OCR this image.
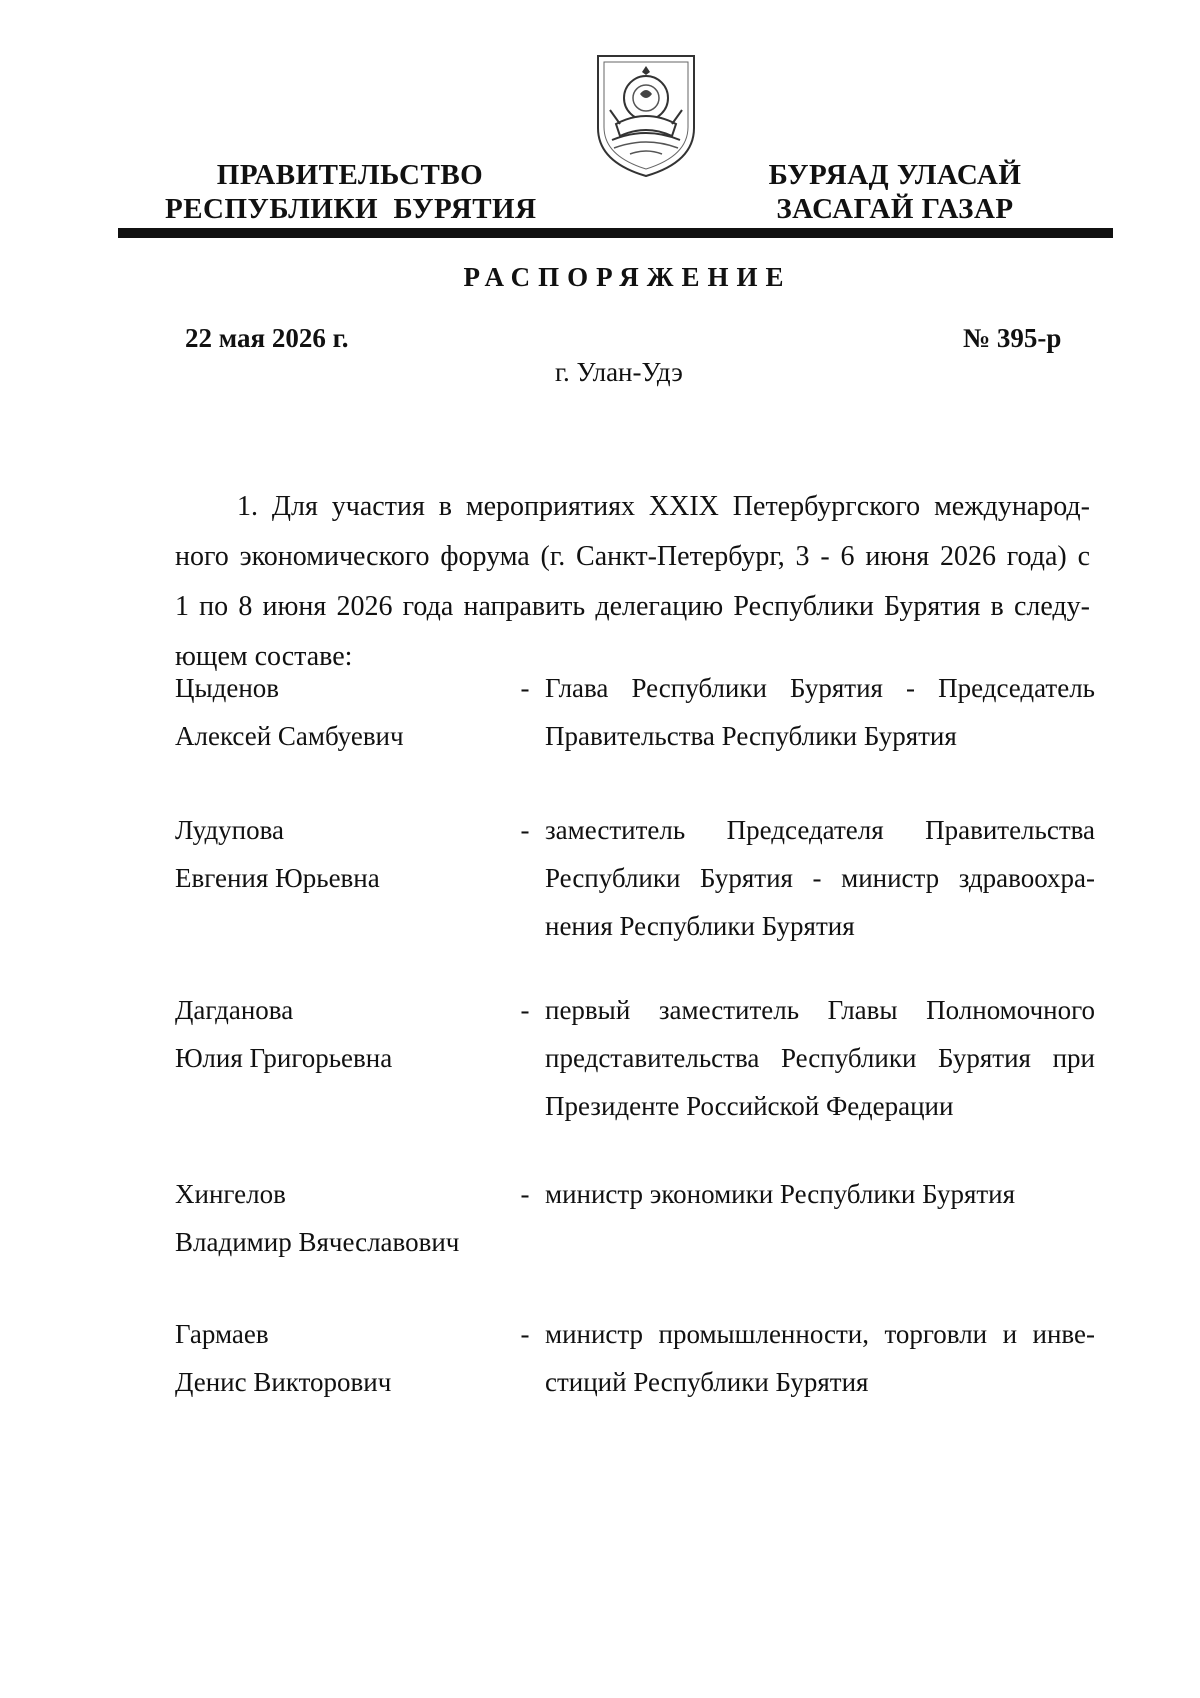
ПРАВИТЕЛЬСТВО
РЕСПУБЛИКИ  БУРЯТИЯ
БУРЯАД УЛАСАЙ
ЗАСАГАЙ ГАЗАР
РАСПОРЯЖЕНИЕ
22 мая 2026 г.	№ 395-р
г. Улан-Удэ
1. Для участия в мероприятиях XXIX Петербургского международ-
ного экономического форума (г. Санкт-Петербург, 3 - 6 июня 2026 года) с
1 по 8 июня 2026 года направить делегацию Республики Бурятия в следу-
ющем составе:
Цыденов
Алексей Самбуевич
- Глава Республики Бурятия - Председатель
Правительства Республики Бурятия
Лудупова
Евгения Юрьевна
- заместитель Председателя Правительства
Республики Бурятия - министр здравоохра-
нения Республики Бурятия
Дагданова
Юлия Григорьевна
- первый заместитель Главы Полномочного
представительства Республики Бурятия при
Президенте Российской Федерации
Хингелов
Владимир Вячеславович
- министр экономики Республики Бурятия
Гармаев
Денис Викторович
- министр промышленности, торговли и инве-
стиций Республики Бурятия
